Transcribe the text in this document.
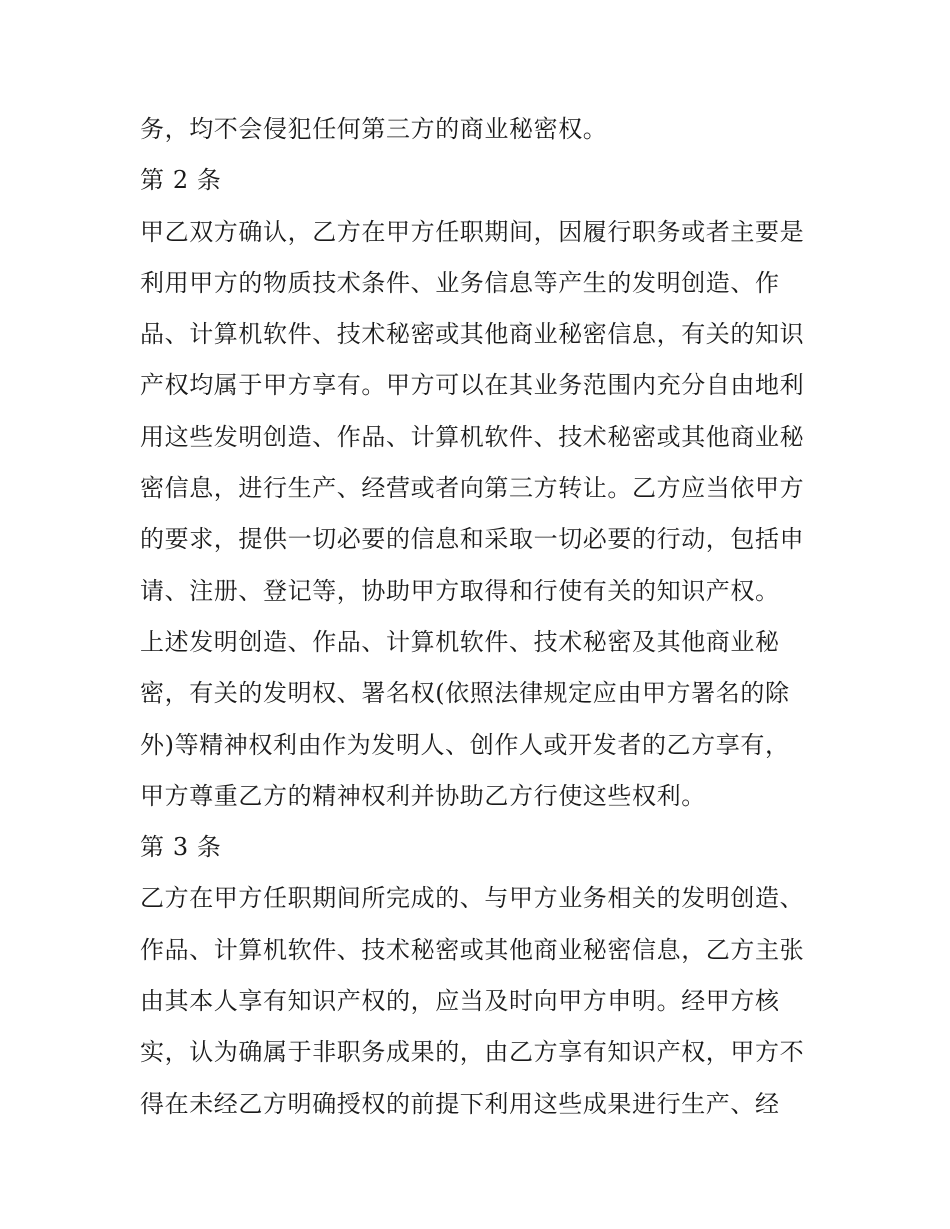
务，均不会侵犯任何第三方的商业秘密权。
第 2 条
甲乙双方确认，乙方在甲方任职期间，因履行职务或者主要是
利用甲方的物质技术条件、业务信息等产生的发明创造、作
品、计算机软件、技术秘密或其他商业秘密信息，有关的知识
产权均属于甲方享有。甲方可以在其业务范围内充分自由地利
用这些发明创造、作品、计算机软件、技术秘密或其他商业秘
密信息，进行生产、经营或者向第三方转让。乙方应当依甲方
的要求，提供一切必要的信息和采取一切必要的行动，包括申
请、注册、登记等，协助甲方取得和行使有关的知识产权。
上述发明创造、作品、计算机软件、技术秘密及其他商业秘
密，有关的发明权、署名权(依照法律规定应由甲方署名的除
外)等精神权利由作为发明人、创作人或开发者的乙方享有，
甲方尊重乙方的精神权利并协助乙方行使这些权利。
第 3 条
乙方在甲方任职期间所完成的、与甲方业务相关的发明创造、
作品、计算机软件、技术秘密或其他商业秘密信息，乙方主张
由其本人享有知识产权的，应当及时向甲方申明。经甲方核
实，认为确属于非职务成果的，由乙方享有知识产权，甲方不
得在未经乙方明确授权的前提下利用这些成果进行生产、经
